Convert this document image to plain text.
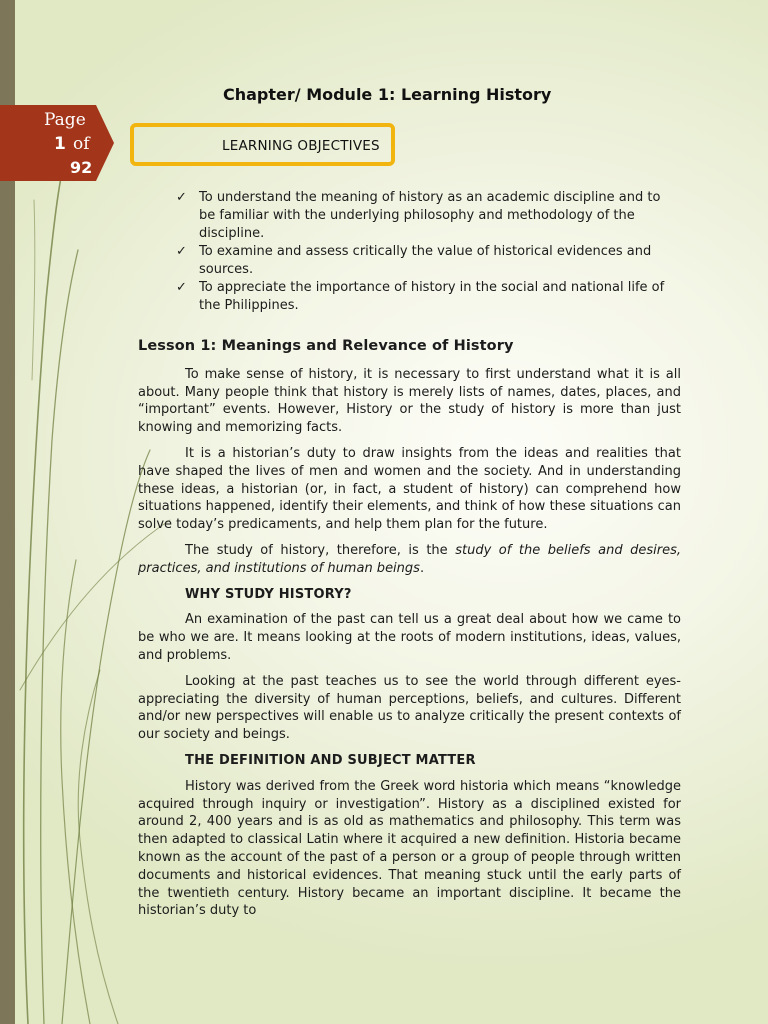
Page
1 of
92
Chapter/ Module 1: Learning History
LEARNING OBJECTIVES
✓ To understand the meaning of history as an academic discipline and to be familiar with the underlying philosophy and methodology of the discipline.
✓ To examine and assess critically the value of historical evidences and sources.
✓ To appreciate the importance of history in the social and national life of the Philippines.
Lesson 1: Meanings and Relevance of History

To make sense of history, it is necessary to first understand what it is all about. Many people think that history is merely lists of names, dates, places, and “important” events. However, History or the study of history is more than just knowing and memorizing facts.

It is a historian’s duty to draw insights from the ideas and realities that have shaped the lives of men and women and the society. And in understanding these ideas, a historian (or, in fact, a student of history) can comprehend how situations happened, identify their elements, and think of how these situations can solve today’s predicaments, and help them plan for the future.

The study of history, therefore, is the study of the beliefs and desires, practices, and institutions of human beings.

WHY STUDY HISTORY?

An examination of the past can tell us a great deal about how we came to be who we are. It means looking at the roots of modern institutions, ideas, values, and problems.

Looking at the past teaches us to see the world through different eyes- appreciating the diversity of human perceptions, beliefs, and cultures. Different and/or new perspectives will enable us to analyze critically the present contexts of our society and beings.

THE DEFINITION AND SUBJECT MATTER

History was derived from the Greek word historia which means “knowledge acquired through inquiry or investigation”. History as a disciplined existed for around 2, 400 years and is as old as mathematics and philosophy. This term was then adapted to classical Latin where it acquired a new definition. Historia became known as the account of the past of a person or a group of people through written documents and historical evidences. That meaning stuck until the early parts of the twentieth century. History became an important discipline. It became the historian’s duty to
